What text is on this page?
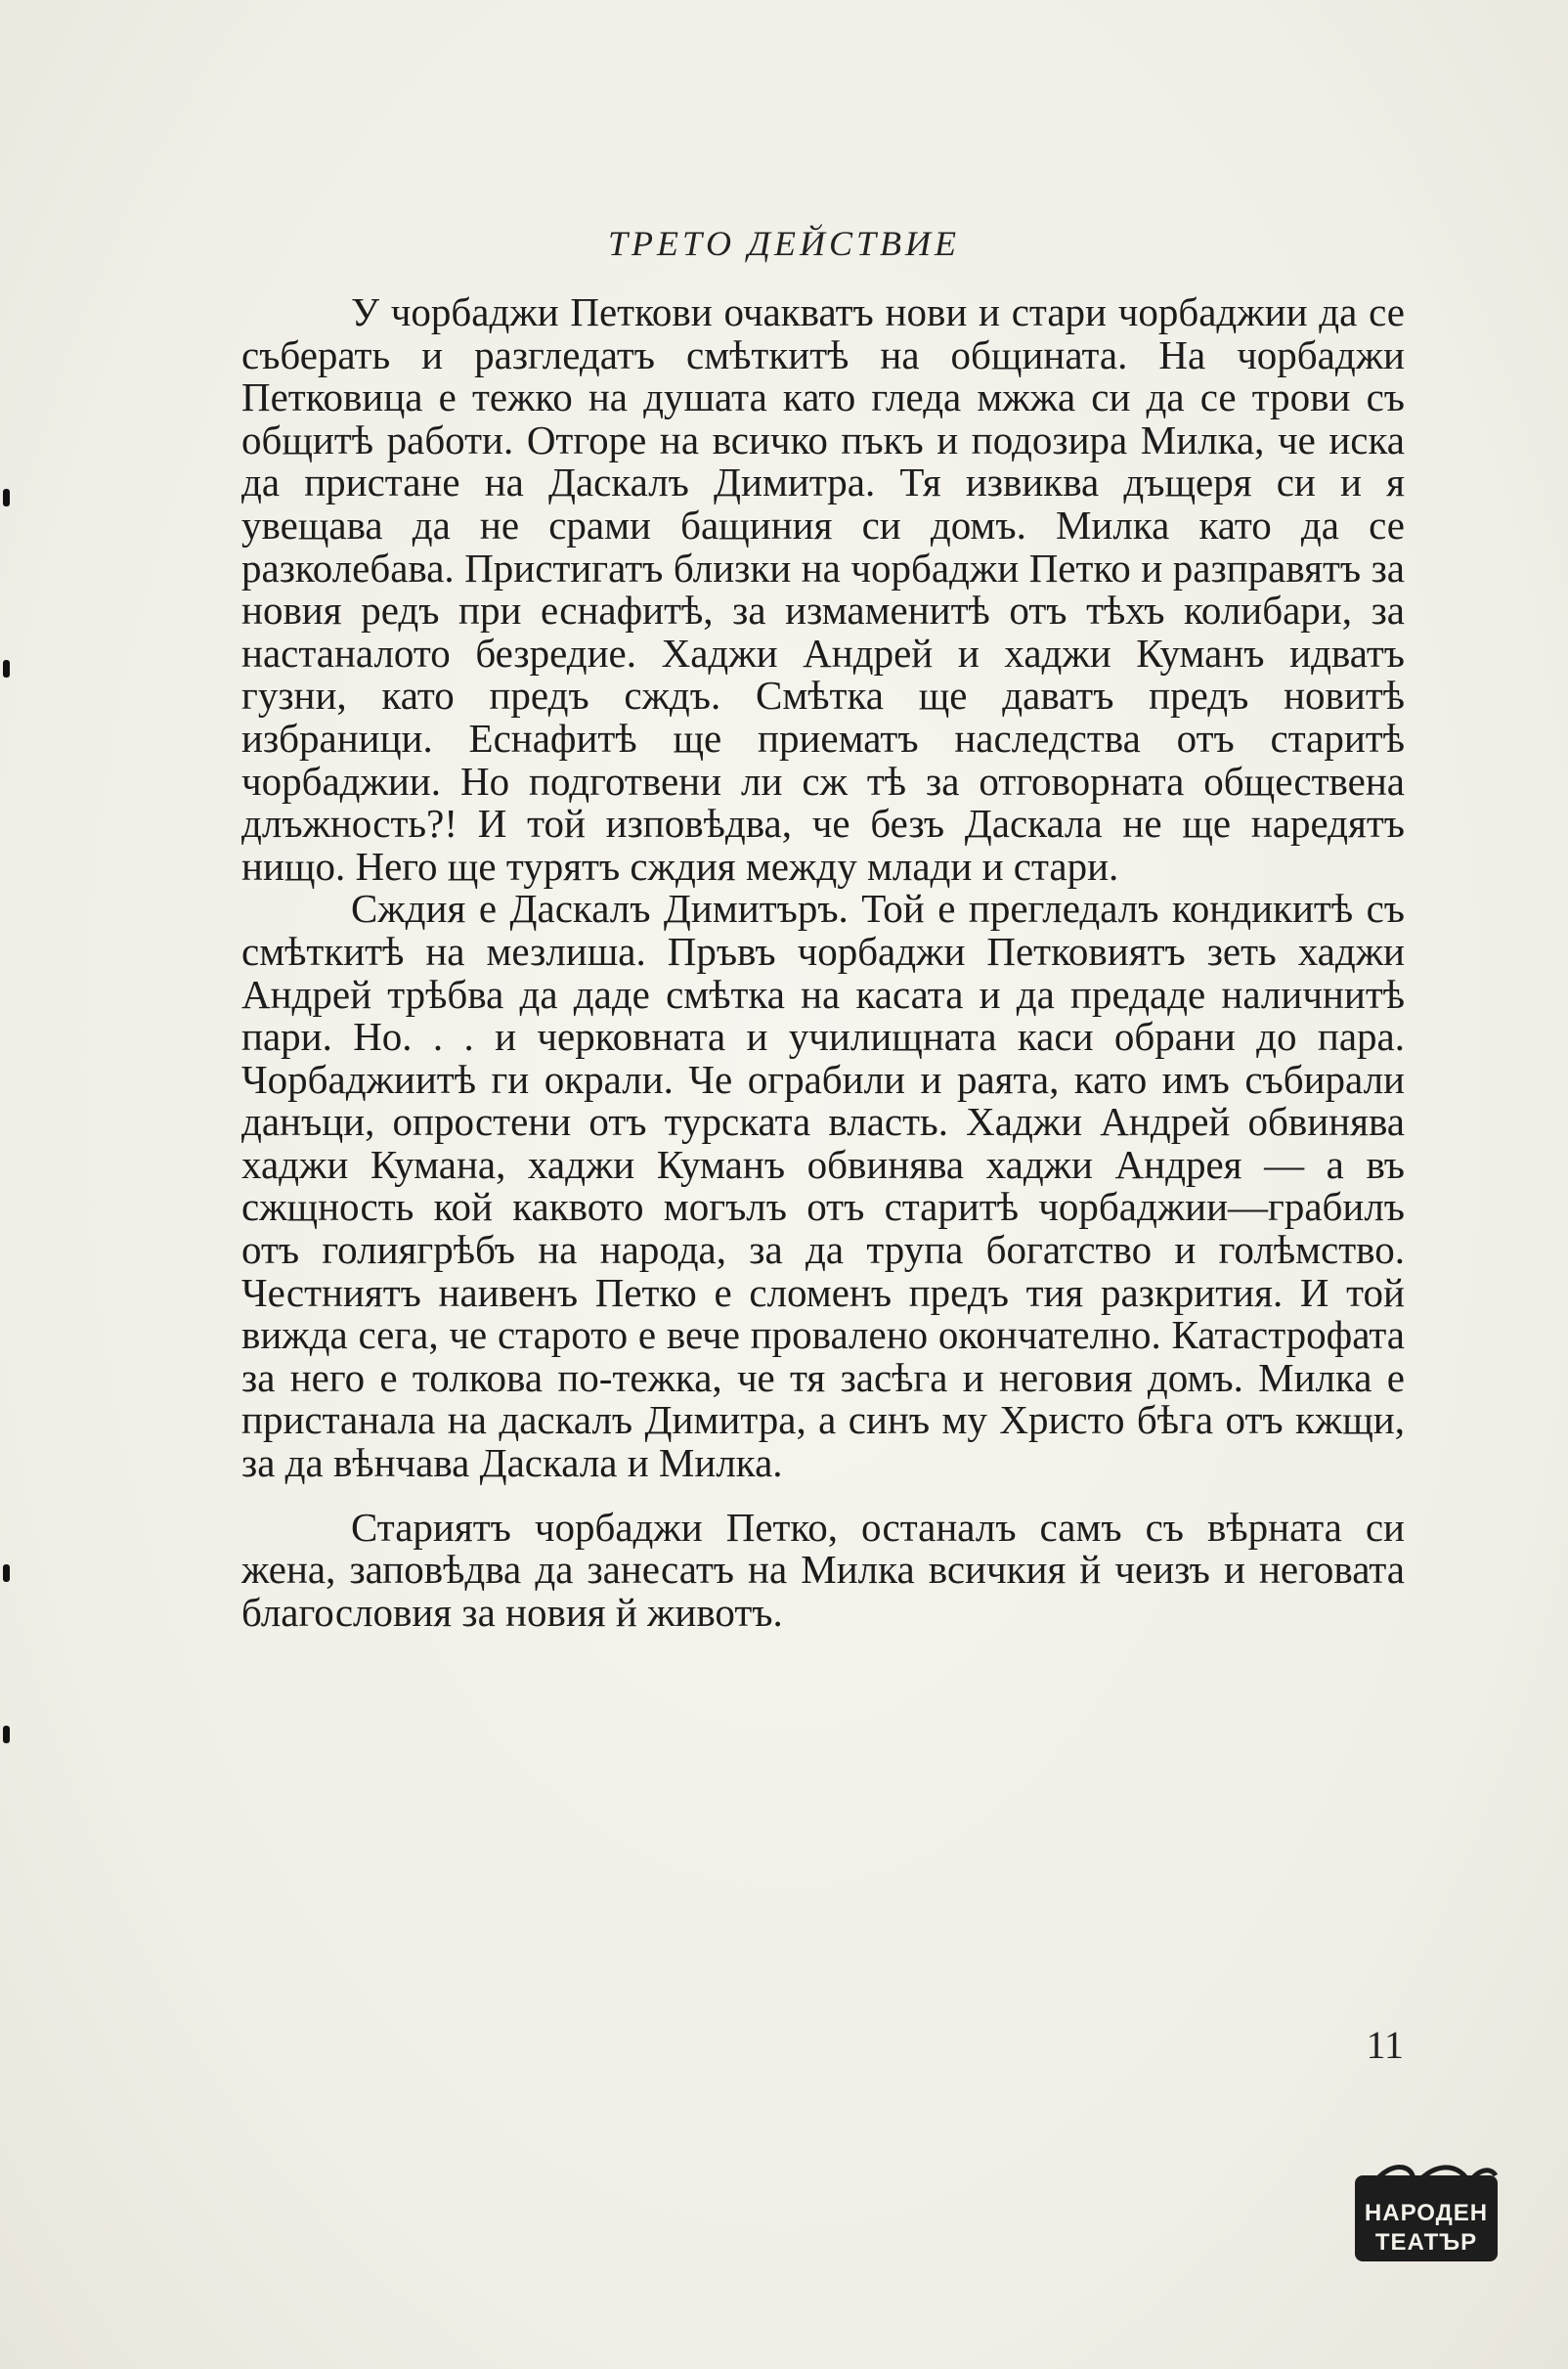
ТРЕТО ДЕЙСТВИЕ

У чорбаджи Петкови очакватъ нови и стари чорбаджии да се съберать и разгледатъ смѣткитѣ на общината. На чорбаджи Петковица е тежко на душата като гледа мжжа си да се трови съ общитѣ работи. Отгоре на всичко пъкъ и подозира Милка, че иска да пристане на Даскалъ Димитра. Тя извиква дъщеря си и я увещава да не срами бащиния си домъ. Милка като да се разколебава. Пристигатъ близки на чорбаджи Петко и разправятъ за новия редъ при еснафитѣ, за измаменитѣ отъ тѣхъ колибари, за настаналото безредие. Хаджи Андрей и хаджи Куманъ идватъ гузни, като предъ сждъ. Смѣтка ще даватъ предъ новитѣ избраници. Еснафитѣ ще приематъ наследства отъ старитѣ чорбаджии. Но подготвени ли сж тѣ за отговорната обществена длъжность?! И той изповѣдва, че безъ Даскала не ще наредятъ нищо. Него ще турятъ сждия между млади и стари.

Сждия е Даскалъ Димитъръ. Той е прегледалъ кондикитѣ съ смѣткитѣ на мезлиша. Пръвъ чорбаджи Петковиятъ зеть хаджи Андрей трѣбва да даде смѣтка на касата и да предаде наличнитѣ пари. Но. . . и черковната и училищната каси обрани до пара. Чорбаджиитѣ ги окрали. Че ограбили и раята, като имъ събирали данъци, опростени отъ турската власть. Хаджи Андрей обвинява хаджи Кумана, хаджи Куманъ обвинява хаджи Андрея — а въ сжщность кой каквото могълъ отъ старитѣ чорбаджии—грабилъ отъ голиягрѣбъ на народа, за да трупа богатство и голѣмство. Честниятъ наивенъ Петко е сломенъ предъ тия разкрития. И той вижда сега, че старото е вече провалено окончателно. Катастрофата за него е толкова по-тежка, че тя засѣга и неговия домъ. Милка е пристанала на даскалъ Димитра, а синъ му Христо бѣга отъ кжщи, за да вѣнчава Даскала и Милка.

Стариятъ чорбаджи Петко, останалъ самъ съ вѣрната си жена, заповѣдва да занесатъ на Милка всичкия й чеизъ и неговата благословия за новия й животъ.

11
НАРОДЕН
ТЕАТЪР
